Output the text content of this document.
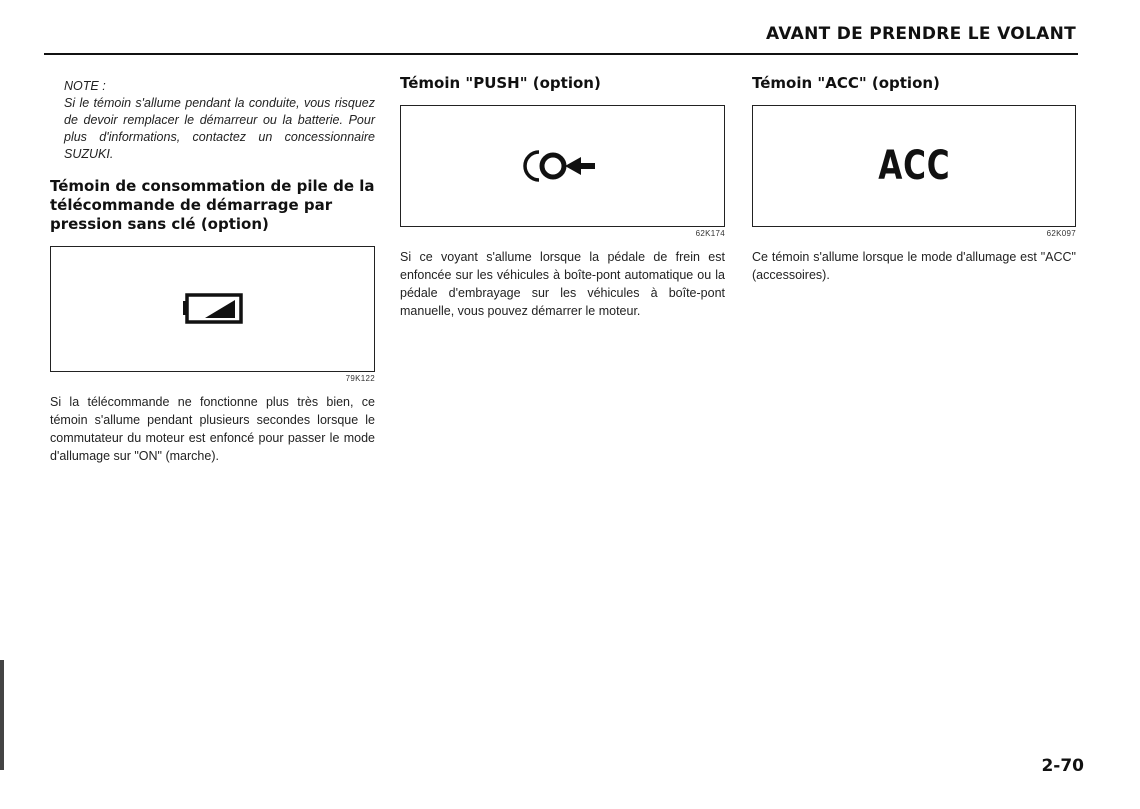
AVANT DE PRENDRE LE VOLANT
NOTE :
Si le témoin s'allume pendant la conduite, vous risquez de devoir remplacer le démarreur ou la batterie. Pour plus d'informations, contactez un concessionnaire SUZUKI.
Témoin de consommation de pile de la télécommande de démarrage par pression sans clé (option)
79K122

Si la télécommande ne fonctionne plus très bien, ce témoin s'allume pendant plusieurs secondes lorsque le commutateur du moteur est enfoncé pour passer le mode d'allumage sur "ON" (marche).

Témoin "PUSH" (option)
62K174

Si ce voyant s'allume lorsque la pédale de frein est enfoncée sur les véhicules à boîte-pont automatique ou la pédale d'embrayage sur les véhicules à boîte-pont manuelle, vous pouvez démarrer le moteur.

Témoin "ACC" (option)
ACC
62K097

Ce témoin s'allume lorsque le mode d'allumage est "ACC" (accessoires).

2-70
